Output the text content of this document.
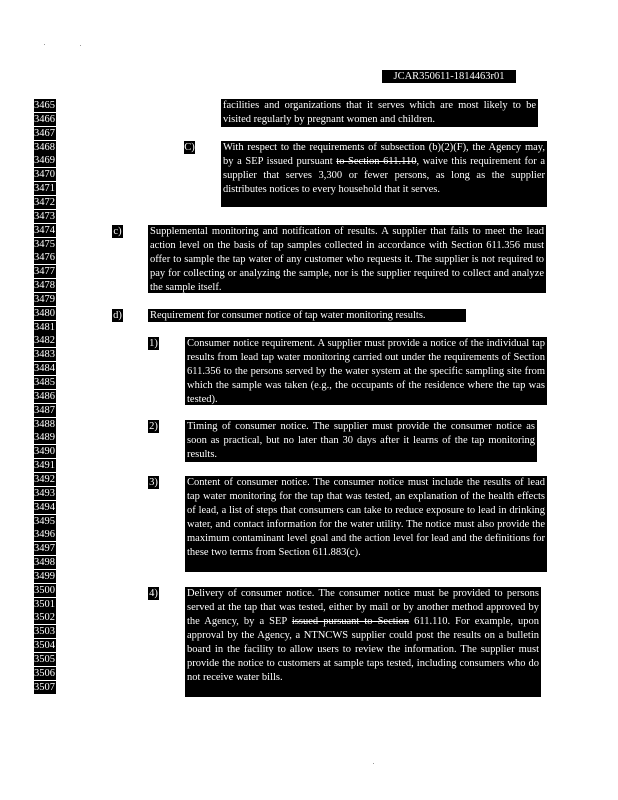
JCAR350611-1814463r01
3465
3466
3467
3468
3469
3470
3471
3472
3473
3474
3475
3476
3477
3478
3479
3480
3481
3482
3483
3484
3485
3486
3487
3488
3489
3490
3491
3492
3493
3494
3495
3496
3497
3498
3499
3500
3501
3502
3503
3504
3505
3506
3507
facilities and organizations that it serves which are most likely to be visited regularly by pregnant women and children.
C)	With respect to the requirements of subsection (b)(2)(F), the Agency may, by a SEP issued pursuant to Section 611.110, waive this requirement for a supplier that serves 3,300 or fewer persons, as long as the supplier distributes notices to every household that it serves.
c)	Supplemental monitoring and notification of results. A supplier that fails to meet the lead action level on the basis of tap samples collected in accordance with Section 611.356 must offer to sample the tap water of any customer who requests it. The supplier is not required to pay for collecting or analyzing the sample, nor is the supplier required to collect and analyze the sample itself.
d)	Requirement for consumer notice of tap water monitoring results.
1)	Consumer notice requirement. A supplier must provide a notice of the individual tap results from lead tap water monitoring carried out under the requirements of Section 611.356 to the persons served by the water system at the specific sampling site from which the sample was taken (e.g., the occupants of the residence where the tap was tested).
2)	Timing of consumer notice. The supplier must provide the consumer notice as soon as practical, but no later than 30 days after it learns of the tap monitoring results.
3)	Content of consumer notice. The consumer notice must include the results of lead tap water monitoring for the tap that was tested, an explanation of the health effects of lead, a list of steps that consumers can take to reduce exposure to lead in drinking water, and contact information for the water utility. The notice must also provide the maximum contaminant level goal and the action level for lead and the definitions for these two terms from Section 611.883(c).
4)	Delivery of consumer notice. The consumer notice must be provided to persons served at the tap that was tested, either by mail or by another method approved by the Agency, by a SEP issued pursuant to Section 611.110. For example, upon approval by the Agency, a NTNCWS supplier could post the results on a bulletin board in the facility to allow users to review the information. The supplier must provide the notice to customers at sample taps tested, including consumers who do not receive water bills.
